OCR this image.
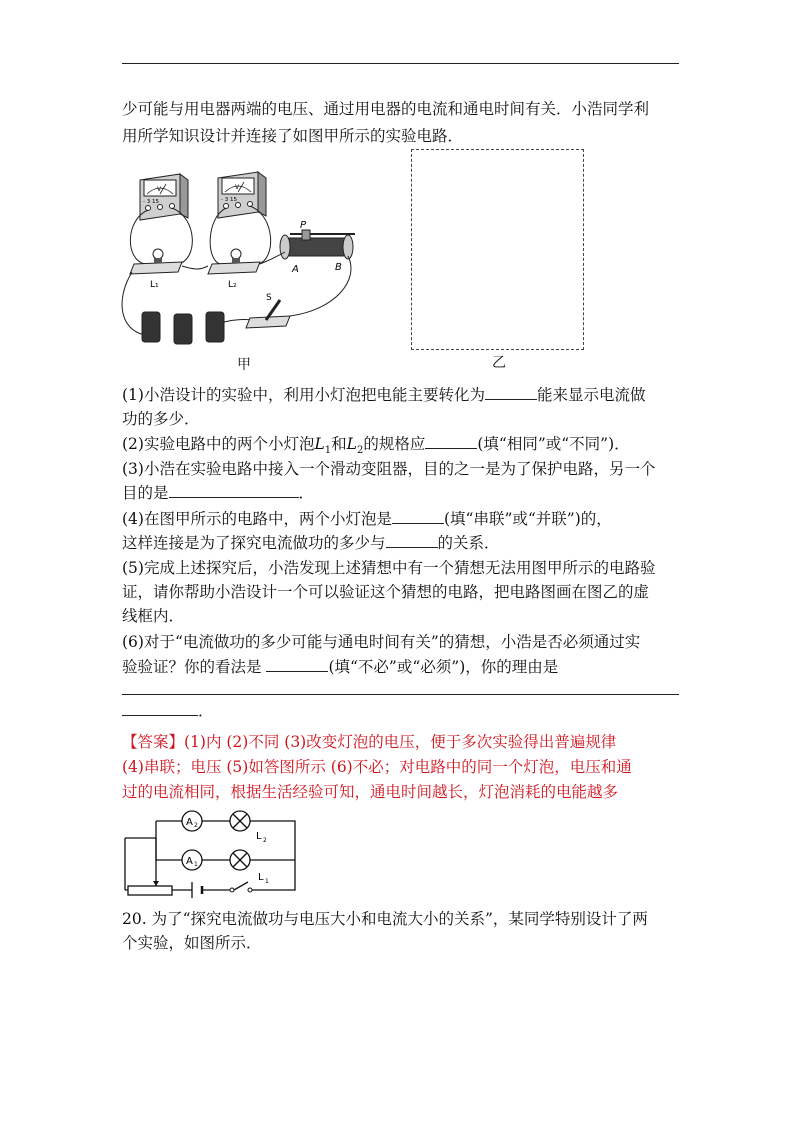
少可能与用电器两端的电压、通过用电器的电流和通电时间有关．小浩同学利
用所学知识设计并连接了如图甲所示的实验电路．
V
- 3 15
V
- 3 15
L₁	L₂
P
A	B
S
甲	乙
(1)小浩设计的实验中，利用小灯泡把电能主要转化为	能来显示电流做
功的多少．
(2)实验电路中的两个小灯泡$L_1$和$L_2$的规格应	(填“相同”或“不同”)．
(3)小浩在实验电路中接入一个滑动变阻器，目的之一是为了保护电路，另一个
目的是	．
(4)在图甲所示的电路中，两个小灯泡是	(填“串联”或“并联”)的，
这样连接是为了探究电流做功的多少与	的关系．
(5)完成上述探究后，小浩发现上述猜想中有一个猜想无法用图甲所示的电路验
证，请你帮助小浩设计一个可以验证这个猜想的电路，把电路图画在图乙的虚
线框内．
(6)对于“电流做功的多少可能与通电时间有关”的猜想，小浩是否必须通过实
验验证？你的看法是	(填“不必”或“必须”)，你的理由是
．
【答案】(1)内 (2)不同 (3)改变灯泡的电压，便于多次实验得出普遍规律
(4)串联；电压 (5)如答图所示 (6)不必；对电路中的同一个灯泡，电压和通
过的电流相同，根据生活经验可知，通电时间越长，灯泡消耗的电能越多
A 2
L 2
A 1
L 1
20. 为了“探究电流做功与电压大小和电流大小的关系”，某同学特别设计了两
个实验，如图所示．
